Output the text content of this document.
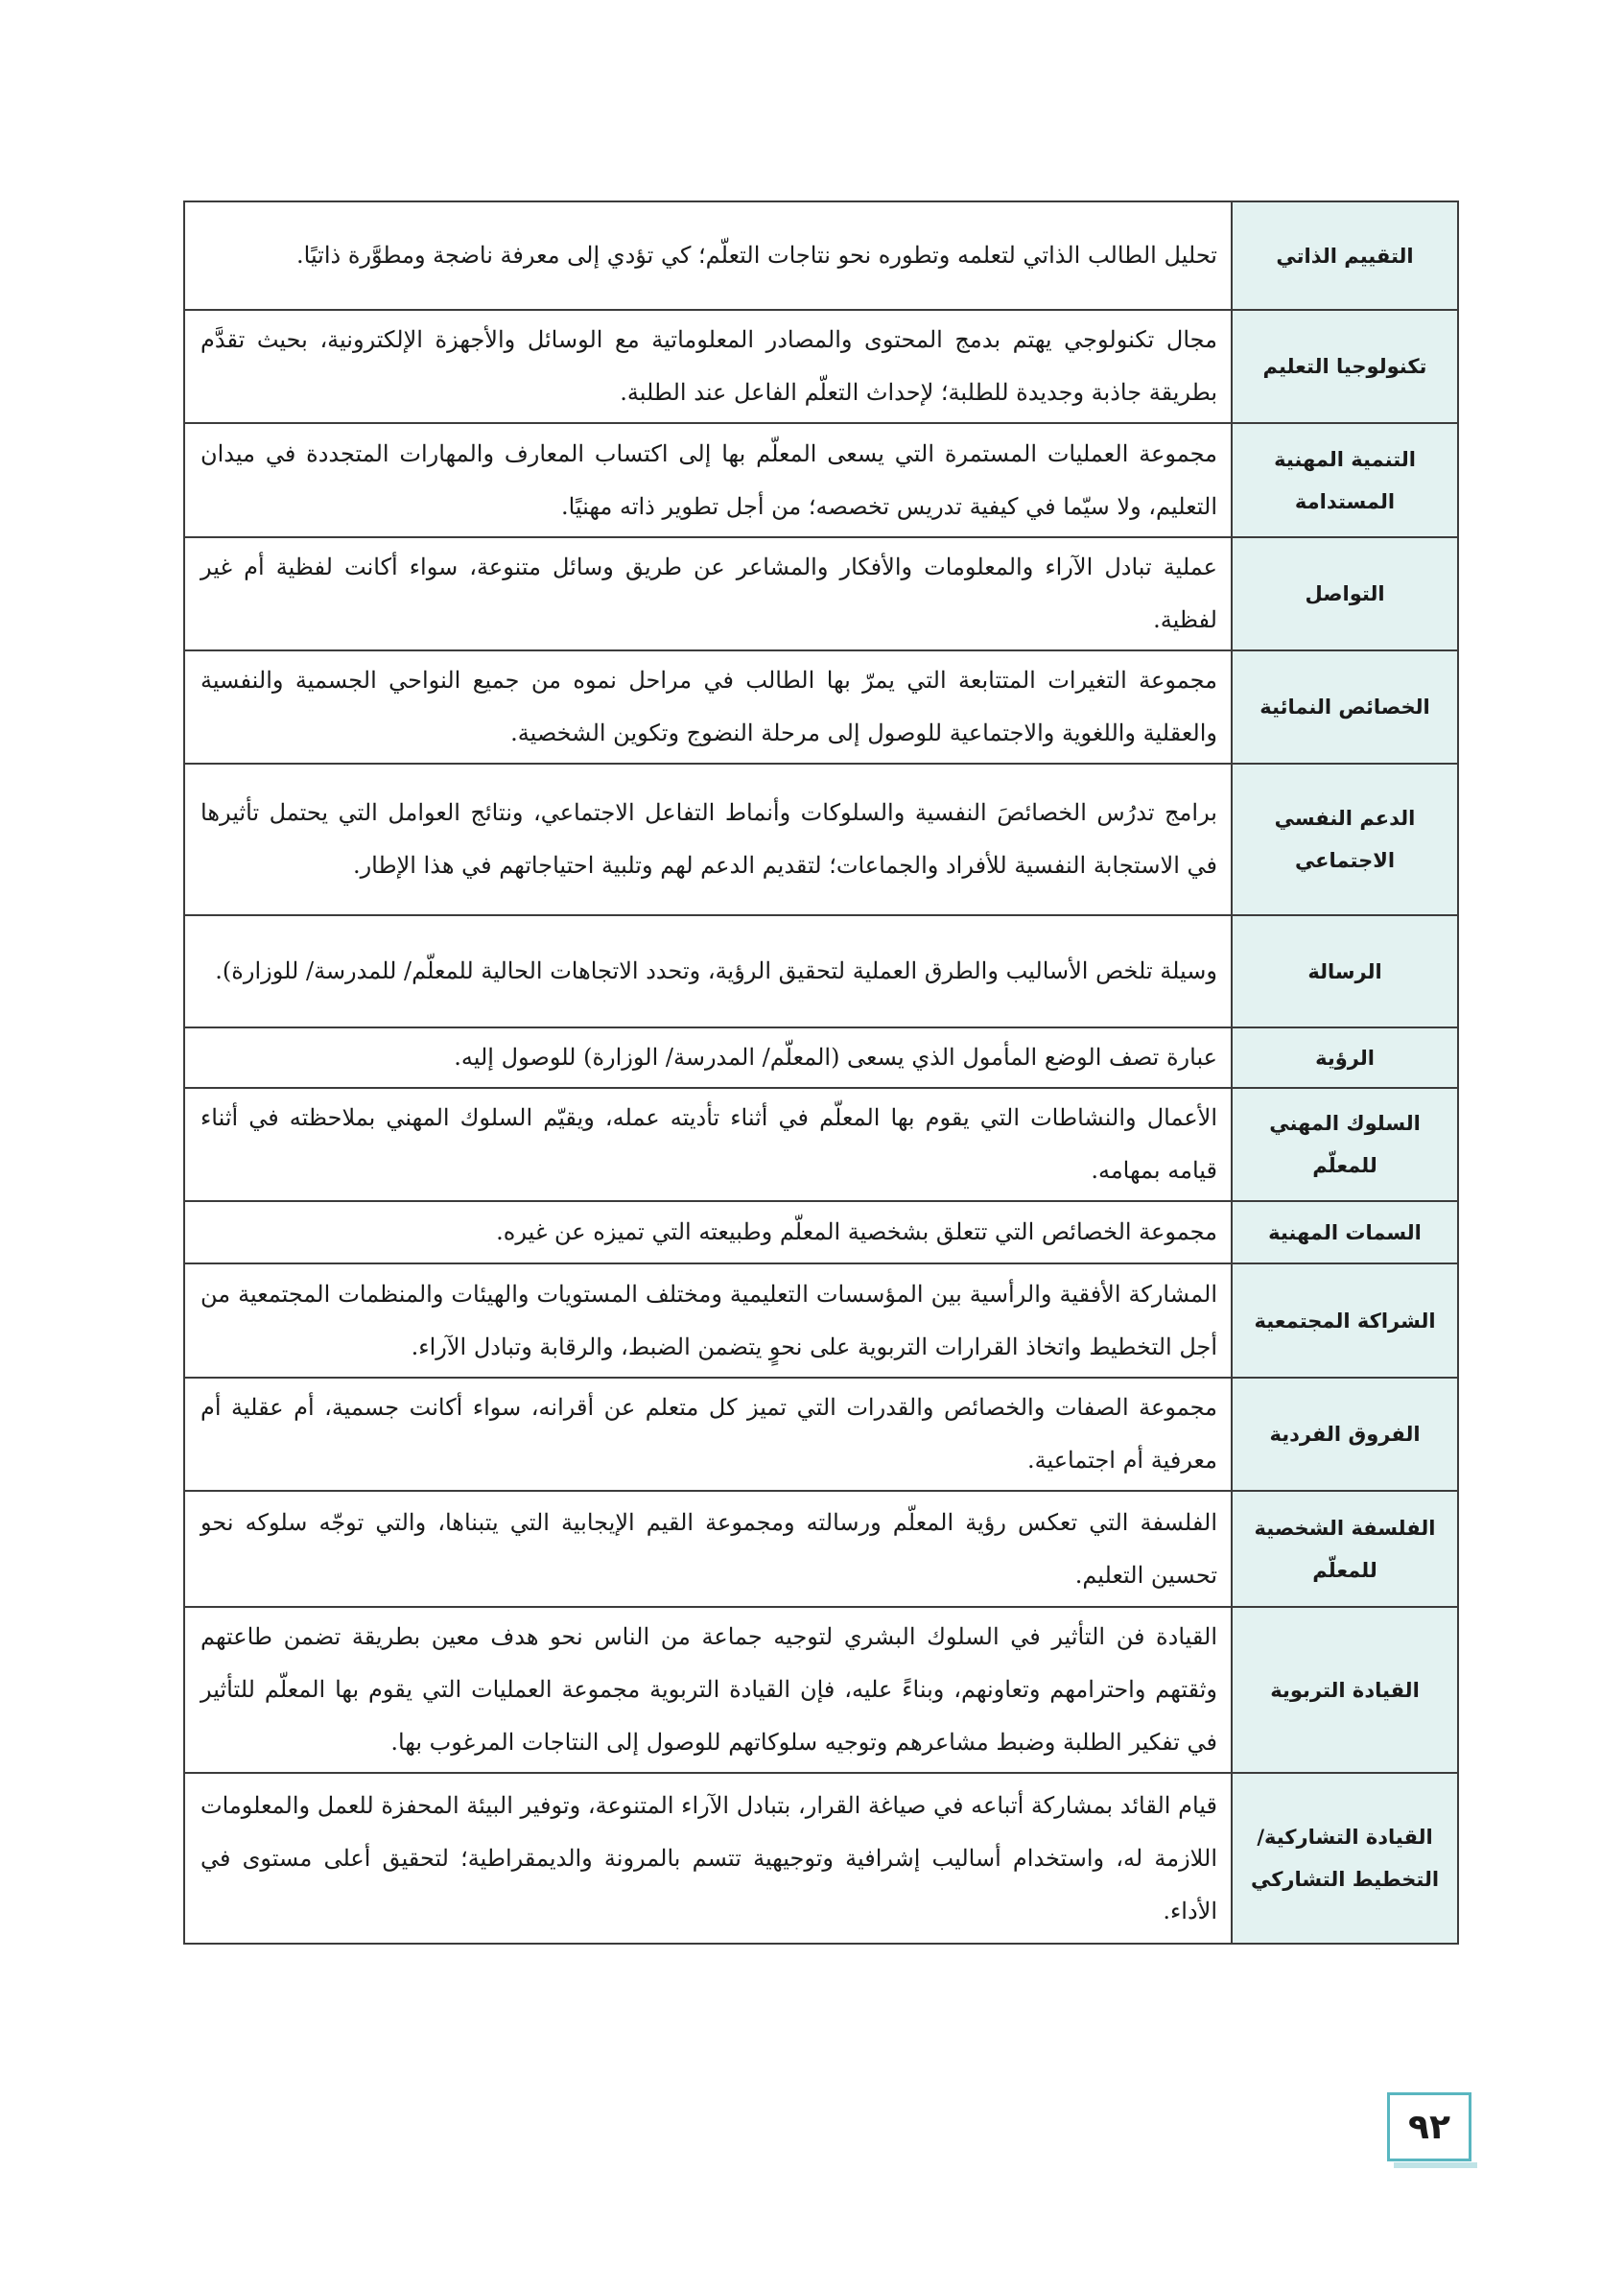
التقييم الذاتي	تحليل الطالب الذاتي لتعلمه وتطوره نحو نتاجات التعلّم؛ كي تؤدي إلى معرفة ناضجة ومطوَّرة ذاتيًا.
تكنولوجيا التعليم	مجال تكنولوجي يهتم بدمج المحتوى والمصادر المعلوماتية مع الوسائل والأجهزة الإلكترونية، بحيث تقدَّم بطريقة جاذبة وجديدة للطلبة؛ لإحداث التعلّم الفاعل عند الطلبة.
التنمية المهنية المستدامة	مجموعة العمليات المستمرة التي يسعى المعلّم بها إلى اكتساب المعارف والمهارات المتجددة في ميدان التعليم، ولا سيّما في كيفية تدريس تخصصه؛ من أجل تطوير ذاته مهنيًا.
التواصل	عملية تبادل الآراء والمعلومات والأفكار والمشاعر عن طريق وسائل متنوعة، سواء أكانت لفظية أم غير لفظية.
الخصائص النمائية	مجموعة التغيرات المتتابعة التي يمرّ بها الطالب في مراحل نموه من جميع النواحي الجسمية والنفسية والعقلية واللغوية والاجتماعية للوصول إلى مرحلة النضوج وتكوين الشخصية.
الدعم النفسي الاجتماعي	برامج تدرُس الخصائصَ النفسية والسلوكات وأنماط التفاعل الاجتماعي، ونتائج العوامل التي يحتمل تأثيرها في الاستجابة النفسية للأفراد والجماعات؛ لتقديم الدعم لهم وتلبية احتياجاتهم في هذا الإطار.
الرسالة	وسيلة تلخص الأساليب والطرق العملية لتحقيق الرؤية، وتحدد الاتجاهات الحالية للمعلّم/ للمدرسة/ للوزارة).
الرؤية	عبارة تصف الوضع المأمول الذي يسعى (المعلّم/ المدرسة/ الوزارة) للوصول إليه.
السلوك المهني للمعلّم	الأعمال والنشاطات التي يقوم بها المعلّم في أثناء تأديته عمله، ويقيّم السلوك المهني بملاحظته في أثناء قيامه بمهامه.
السمات المهنية	مجموعة الخصائص التي تتعلق بشخصية المعلّم وطبيعته التي تميزه عن غيره.
الشراكة المجتمعية	المشاركة الأفقية والرأسية بين المؤسسات التعليمية ومختلف المستويات والهيئات والمنظمات المجتمعية من أجل التخطيط واتخاذ القرارات التربوية على نحوٍ يتضمن الضبط، والرقابة وتبادل الآراء.
الفروق الفردية	مجموعة الصفات والخصائص والقدرات التي تميز كل متعلم عن أقرانه، سواء أكانت جسمية، أم عقلية أم معرفية أم اجتماعية.
الفلسفة الشخصية للمعلّم	الفلسفة التي تعكس رؤية المعلّم ورسالته ومجموعة القيم الإيجابية التي يتبناها، والتي توجّه سلوكه نحو تحسين التعليم.
القيادة التربوية	القيادة فن التأثير في السلوك البشري لتوجيه جماعة من الناس نحو هدف معين بطريقة تضمن طاعتهم وثقتهم واحترامهم وتعاونهم، وبناءً عليه، فإن القيادة التربوية مجموعة العمليات التي يقوم بها المعلّم للتأثير في تفكير الطلبة وضبط مشاعرهم وتوجيه سلوكاتهم للوصول إلى النتاجات المرغوب بها.
القيادة التشاركية/ التخطيط التشاركي	قيام القائد بمشاركة أتباعه في صياغة القرار، بتبادل الآراء المتنوعة، وتوفير البيئة المحفزة للعمل والمعلومات اللازمة له، واستخدام أساليب إشرافية وتوجيهية تتسم بالمرونة والديمقراطية؛ لتحقيق أعلى مستوى في الأداء.
٩٢
